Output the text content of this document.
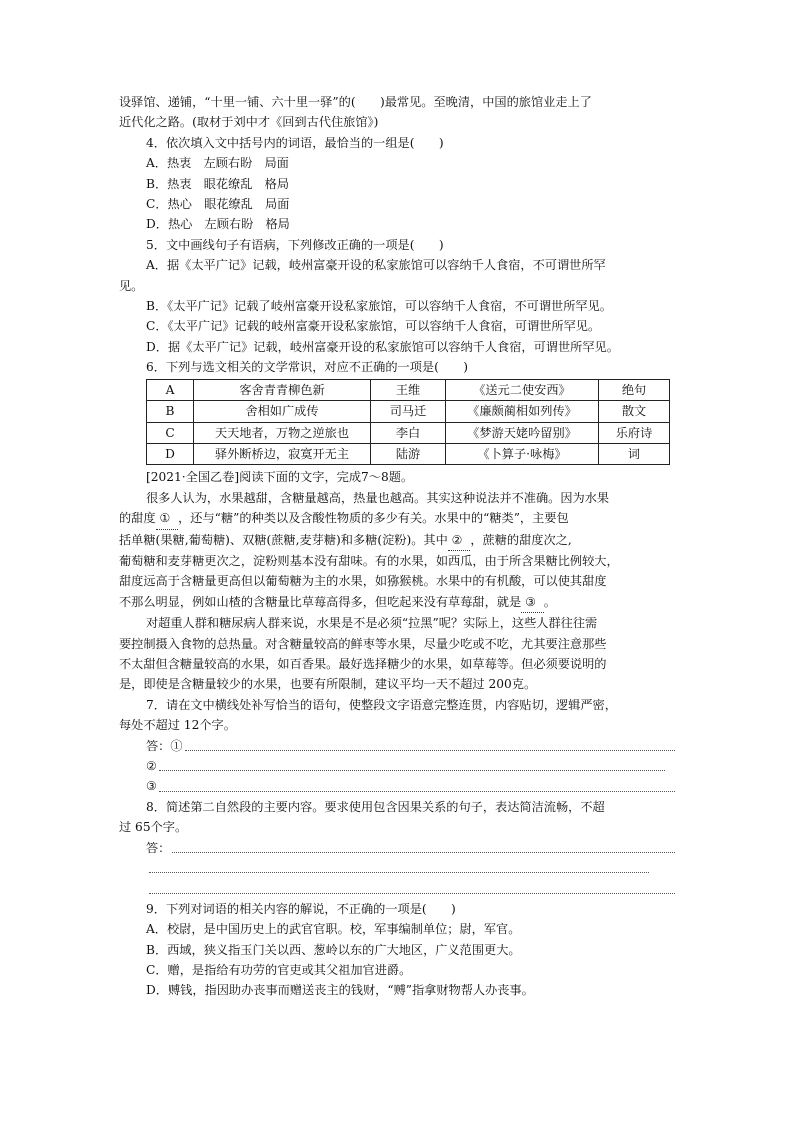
设驿馆、递铺，“十里一铺、六十里一驿”的(　　)最常见。至晚清，中国的旅馆业走上了
近代化之路。(取材于刘中才《回到古代住旅馆》)
4．依次填入文中括号内的词语，最恰当的一组是(　　)
A．热衷　左顾右盼　局面
B．热衷　眼花缭乱　格局
C．热心　眼花缭乱　局面
D．热心　左顾右盼　格局
5．文中画线句子有语病，下列修改正确的一项是(　　)
A．据《太平广记》记载，岐州富豪开设的私家旅馆可以容纳千人食宿，不可谓世所罕
见。
B．《太平广记》记载了岐州富豪开设私家旅馆，可以容纳千人食宿，不可谓世所罕见。
C．《太平广记》记载的岐州富豪开设私家旅馆，可以容纳千人食宿，可谓世所罕见。
D．据《太平广记》记载，岐州富豪开设的私家旅馆可以容纳千人食宿，可谓世所罕见。
6．下列与选文相关的文学常识，对应不正确的一项是(　　)
A	客舍青青柳色新	王维	《送元二使安西》	绝句
B	舍相如广成传	司马迁	《廉颇蔺相如列传》	散文
C	天天地者，万物之逆旅也	李白	《梦游天姥吟留别》	乐府诗
D	驿外断桥边，寂寞开无主	陆游	《卜算子·咏梅》	词
[2021·全国乙卷]阅读下面的文字，完成7～8题。
很多人认为，水果越甜，含糖量越高，热量也越高。其实这种说法并不准确。因为水果
的甜度 ① ，还与“糖”的种类以及含酸性物质的多少有关。水果中的“糖类”，主要包
括单糖(果糖,葡萄糖)、双糖(蔗糖,麦芽糖)和多糖(淀粉)。其中 ② ，蔗糖的甜度次之,
葡萄糖和麦芽糖更次之，淀粉则基本没有甜味。有的水果，如西瓜，由于所含果糖比例较大，
甜度远高于含糖量更高但以葡萄糖为主的水果，如猕猴桃。水果中的有机酸，可以使其甜度
不那么明显，例如山楂的含糖量比草莓高得多，但吃起来没有草莓甜，就是 ③ 。
对超重人群和糖尿病人群来说，水果是不是必须“拉黑”呢？实际上，这些人群往往需
要控制摄入食物的总热量。对含糖量较高的鲜枣等水果，尽量少吃或不吃，尤其要注意那些
不太甜但含糖量较高的水果，如百香果。最好选择糖少的水果，如草莓等。但必须要说明的
是，即使是含糖量较少的水果，也要有所限制，建议平均一天不超过 200克。
7．请在文中横线处补写恰当的语句，使整段文字语意完整连贯，内容贴切，逻辑严密，
每处不超过 12个字。
答：①
②
③
8．简述第二自然段的主要内容。要求使用包含因果关系的句子，表达简洁流畅，不超
过 65个字。
答：
9．下列对词语的相关内容的解说，不正确的一项是(　　)
A．校尉，是中国历史上的武官官职。校，军事编制单位；尉，军官。
B．西域，狭义指玉门关以西、葱岭以东的广大地区，广义范围更大。
C．赠，是指给有功劳的官吏或其父祖加官进爵。
D．赙钱，指因助办丧事而赠送丧主的钱财，“赙”指拿财物帮人办丧事。
